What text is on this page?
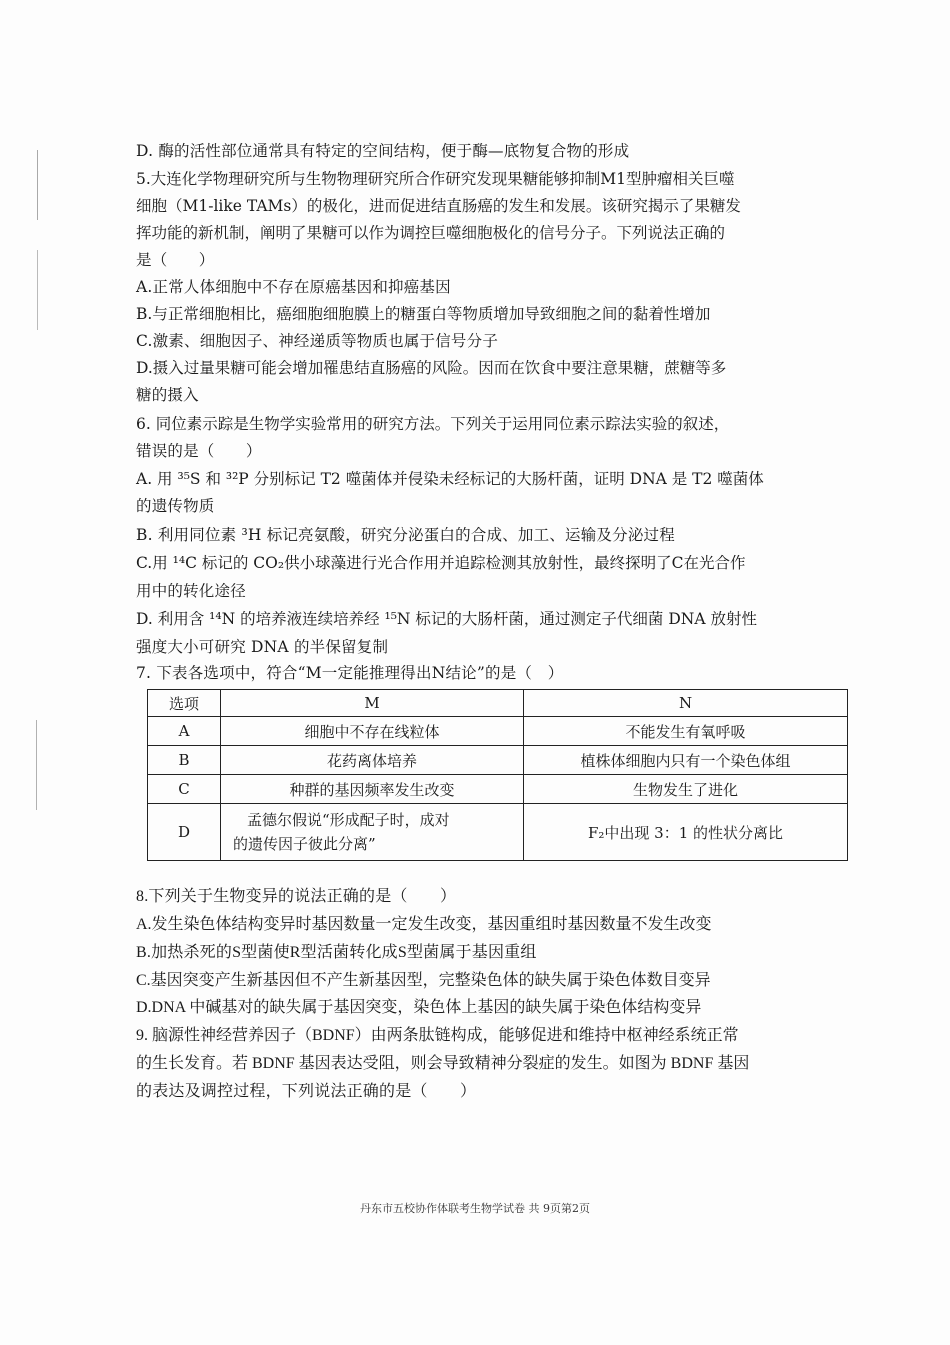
D. 酶的活性部位通常具有特定的空间结构，便于酶—底物复合物的形成
5.大连化学物理研究所与生物物理研究所合作研究发现果糖能够抑制M1型肿瘤相关巨噬
细胞（M1-like TAMs）的极化，进而促进结直肠癌的发生和发展。该研究揭示了果糖发
挥功能的新机制，阐明了果糖可以作为调控巨噬细胞极化的信号分子。下列说法正确的
是（　　）
A.正常人体细胞中不存在原癌基因和抑癌基因
B.与正常细胞相比，癌细胞细胞膜上的糖蛋白等物质增加导致细胞之间的黏着性增加
C.激素、细胞因子、神经递质等物质也属于信号分子
D.摄入过量果糖可能会增加罹患结直肠癌的风险。因而在饮食中要注意果糖，蔗糖等多
糖的摄入
6. 同位素示踪是生物学实验常用的研究方法。下列关于运用同位素示踪法实验的叙述，
错误的是（　　）
A. 用 ³⁵S 和 ³²P 分别标记 T2 噬菌体并侵染未经标记的大肠杆菌，证明 DNA 是 T2 噬菌体
的遗传物质
B. 利用同位素 ³H 标记亮氨酸，研究分泌蛋白的合成、加工、运输及分泌过程
C.用 ¹⁴C 标记的 CO₂供小球藻进行光合作用并追踪检测其放射性，最终探明了C在光合作
用中的转化途径
D. 利用含 ¹⁴N 的培养液连续培养经 ¹⁵N 标记的大肠杆菌，通过测定子代细菌 DNA 放射性
强度大小可研究 DNA 的半保留复制
7. 下表各选项中，符合“M一定能推理得出N结论”的是（　）
选项	M	N
A	细胞中不存在线粒体	不能发生有氧呼吸
B	花药离体培养	植株体细胞内只有一个染色体组
C	种群的基因频率发生改变	生物发生了进化
D	孟德尔假说“形成配子时，成对
的遗传因子彼此分离”	F₂中出现 3：1 的性状分离比
8.下列关于生物变异的说法正确的是（　　）
A.发生染色体结构变异时基因数量一定发生改变，基因重组时基因数量不发生改变
B.加热杀死的S型菌使R型活菌转化成S型菌属于基因重组
C.基因突变产生新基因但不产生新基因型，完整染色体的缺失属于染色体数目变异
D.DNA 中碱基对的缺失属于基因突变，染色体上基因的缺失属于染色体结构变异
9. 脑源性神经营养因子（BDNF）由两条肽链构成，能够促进和维持中枢神经系统正常
的生长发育。若 BDNF 基因表达受阻，则会导致精神分裂症的发生。如图为 BDNF 基因
的表达及调控过程，下列说法正确的是（　　）
丹东市五校协作体联考生物学试卷 共 9页第2页
